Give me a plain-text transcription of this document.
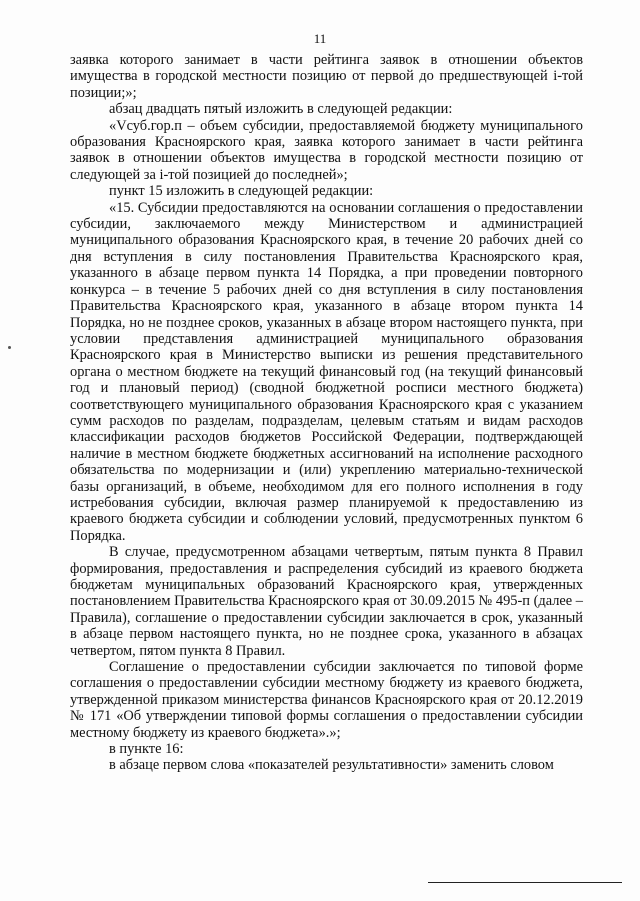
11

заявка которого занимает в части рейтинга заявок в отношении объектов имущества в городской местности позицию от первой до предшествующей i-той позиции;»;

абзац двадцать пятый изложить в следующей редакции:

«Vсуб.гор.п – объем субсидии, предоставляемой бюджету муниципального образования Красноярского края, заявка которого занимает в части рейтинга заявок в отношении объектов имущества в городской местности позицию от следующей за i-той позицией до последней»;

пункт 15 изложить в следующей редакции:

«15. Субсидии предоставляются на основании соглашения о предоставлении субсидии, заключаемого между Министерством и администрацией муниципального образования Красноярского края, в течение 20 рабочих дней со дня вступления в силу постановления Правительства Красноярского края, указанного в абзаце первом пункта 14 Порядка, а при проведении повторного конкурса – в течение 5 рабочих дней со дня вступления в силу постановления Правительства Красноярского края, указанного в абзаце втором пункта 14 Порядка, но не позднее сроков, указанных в абзаце втором настоящего пункта, при условии представления администрацией муниципального образования Красноярского края в Министерство выписки из решения представительного органа о местном бюджете на текущий финансовый год (на текущий финансовый год и плановый период) (сводной бюджетной росписи местного бюджета) соответствующего муниципального образования Красноярского края с указанием сумм расходов по разделам, подразделам, целевым статьям и видам расходов классификации расходов бюджетов Российской Федерации, подтверждающей наличие в местном бюджете бюджетных ассигнований на исполнение расходного обязательства по модернизации и (или) укреплению материально-технической базы организаций, в объеме, необходимом для его полного исполнения в году истребования субсидии, включая размер планируемой к предоставлению из краевого бюджета субсидии и соблюдении условий, предусмотренных пунктом 6 Порядка.

В случае, предусмотренном абзацами четвертым, пятым пункта 8 Правил формирования, предоставления и распределения субсидий из краевого бюджета бюджетам муниципальных образований Красноярского края, утвержденных постановлением Правительства Красноярского края от 30.09.2015 № 495-п (далее – Правила), соглашение о предоставлении субсидии заключается в срок, указанный в абзаце первом настоящего пункта, но не позднее срока, указанного в абзацах четвертом, пятом пункта 8 Правил.

Соглашение о предоставлении субсидии заключается по типовой форме соглашения о предоставлении субсидии местному бюджету из краевого бюджета, утвержденной приказом министерства финансов Красноярского края от 20.12.2019 № 171 «Об утверждении типовой формы соглашения о предоставлении субсидии местному бюджету из краевого бюджета».»;

в пункте 16:

в абзаце первом слова «показателей результативности» заменить словом
